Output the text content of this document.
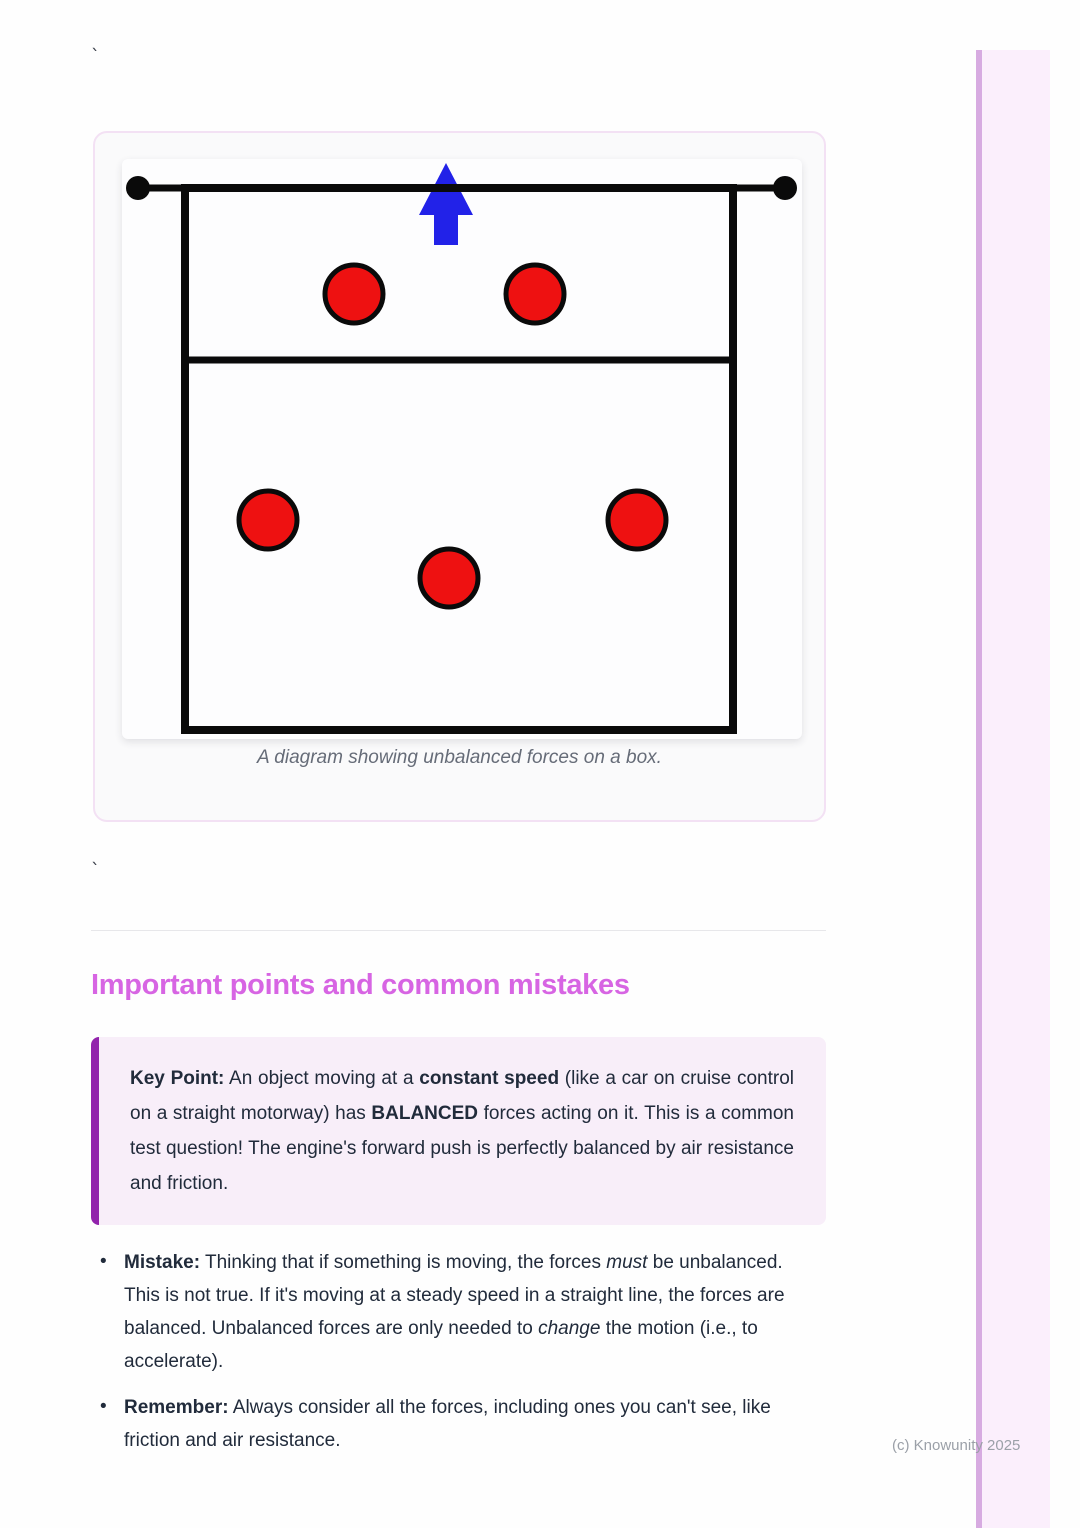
`
A diagram showing unbalanced forces on a box.
`
Important points and common mistakes
Key Point: An object moving at a constant speed (like a car on cruise control on a straight motorway) has BALANCED forces acting on it. This is a common test question! The engine's forward push is perfectly balanced by air resistance and friction.
• Mistake: Thinking that if something is moving, the forces must be unbalanced. This is not true. If it's moving at a steady speed in a straight line, the forces are balanced. Unbalanced forces are only needed to change the motion (i.e., to accelerate).
• Remember: Always consider all the forces, including ones you can't see, like friction and air resistance.	(c) Knowunity 2025
